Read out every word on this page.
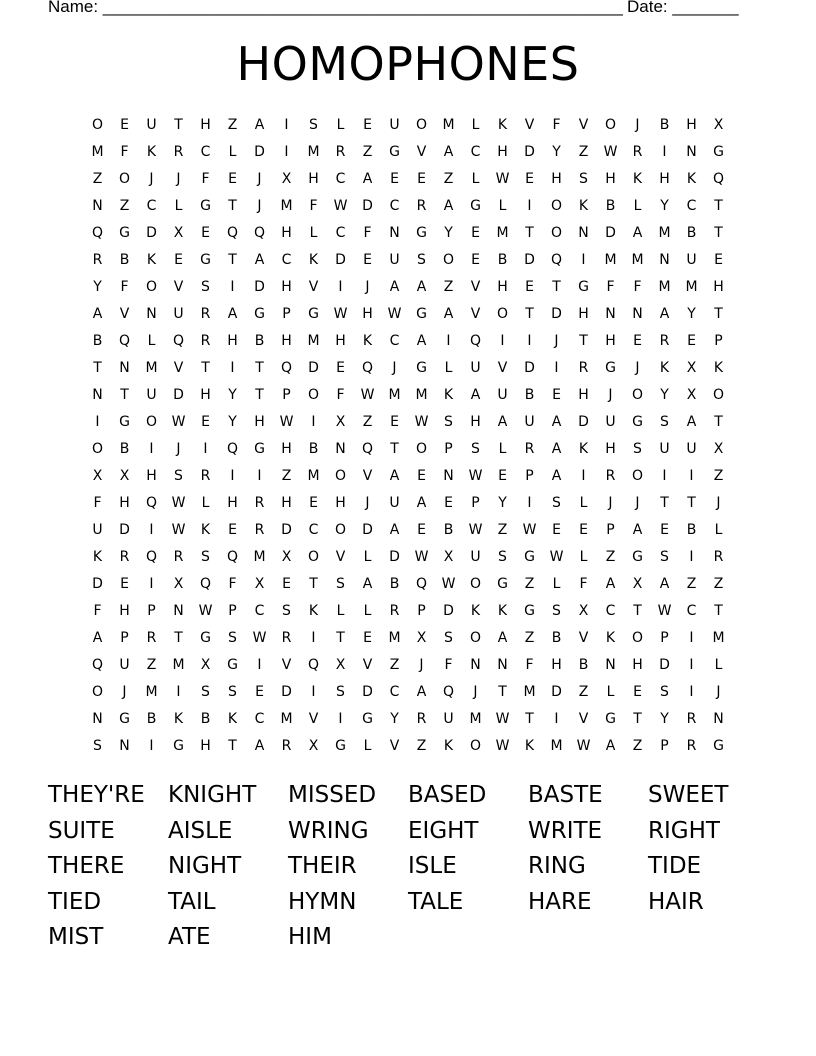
Name: _______________________________________________________ Date: _______
HOMOPHONES
O	E	U	T	H	Z	A	I	S	L	E	U	O	M	L	K	V	F	V	O	J	B	H	X
M	F	K	R	C	L	D	I	M	R	Z	G	V	A	C	H	D	Y	Z	W	R	I	N	G
Z	O	J	J	F	E	J	X	H	C	A	E	E	Z	L	W	E	H	S	H	K	H	K	Q
N	Z	C	L	G	T	J	M	F	W	D	C	R	A	G	L	I	O	K	B	L	Y	C	T
Q	G	D	X	E	Q	Q	H	L	C	F	N	G	Y	E	M	T	O	N	D	A	M	B	T
R	B	K	E	G	T	A	C	K	D	E	U	S	O	E	B	D	Q	I	M	M	N	U	E
Y	F	O	V	S	I	D	H	V	I	J	A	A	Z	V	H	E	T	G	F	F	M	M	H
A	V	N	U	R	A	G	P	G	W	H	W	G	A	V	O	T	D	H	N	N	A	Y	T
B	Q	L	Q	R	H	B	H	M	H	K	C	A	I	Q	I	I	J	T	H	E	R	E	P
T	N	M	V	T	I	T	Q	D	E	Q	J	G	L	U	V	D	I	R	G	J	K	X	K
N	T	U	D	H	Y	T	P	O	F	W	M	M	K	A	U	B	E	H	J	O	Y	X	O
I	G	O	W	E	Y	H	W	I	X	Z	E	W	S	H	A	U	A	D	U	G	S	A	T
O	B	I	J	I	Q	G	H	B	N	Q	T	O	P	S	L	R	A	K	H	S	U	U	X
X	X	H	S	R	I	I	Z	M	O	V	A	E	N	W	E	P	A	I	R	O	I	I	Z
F	H	Q	W	L	H	R	H	E	H	J	U	A	E	P	Y	I	S	L	J	J	T	T	J
U	D	I	W	K	E	R	D	C	O	D	A	E	B	W	Z	W	E	E	P	A	E	B	L
K	R	Q	R	S	Q	M	X	O	V	L	D	W	X	U	S	G	W	L	Z	G	S	I	R
D	E	I	X	Q	F	X	E	T	S	A	B	Q	W	O	G	Z	L	F	A	X	A	Z	Z
F	H	P	N	W	P	C	S	K	L	L	R	P	D	K	K	G	S	X	C	T	W	C	T
A	P	R	T	G	S	W	R	I	T	E	M	X	S	O	A	Z	B	V	K	O	P	I	M
Q	U	Z	M	X	G	I	V	Q	X	V	Z	J	F	N	N	F	H	B	N	H	D	I	L
O	J	M	I	S	S	E	D	I	S	D	C	A	Q	J	T	M	D	Z	L	E	S	I	J
N	G	B	K	B	K	C	M	V	I	G	Y	R	U	M	W	T	I	V	G	T	Y	R	N
S	N	I	G	H	T	A	R	X	G	L	V	Z	K	O	W	K	M	W	A	Z	P	R	G
THEY'RE	KNIGHT	MISSED	BASED	BASTE	SWEET
SUITE	AISLE	WRING	EIGHT	WRITE	RIGHT
THERE	NIGHT	THEIR	ISLE	RING	TIDE
TIED	TAIL	HYMN	TALE	HARE	HAIR
MIST	ATE	HIM
